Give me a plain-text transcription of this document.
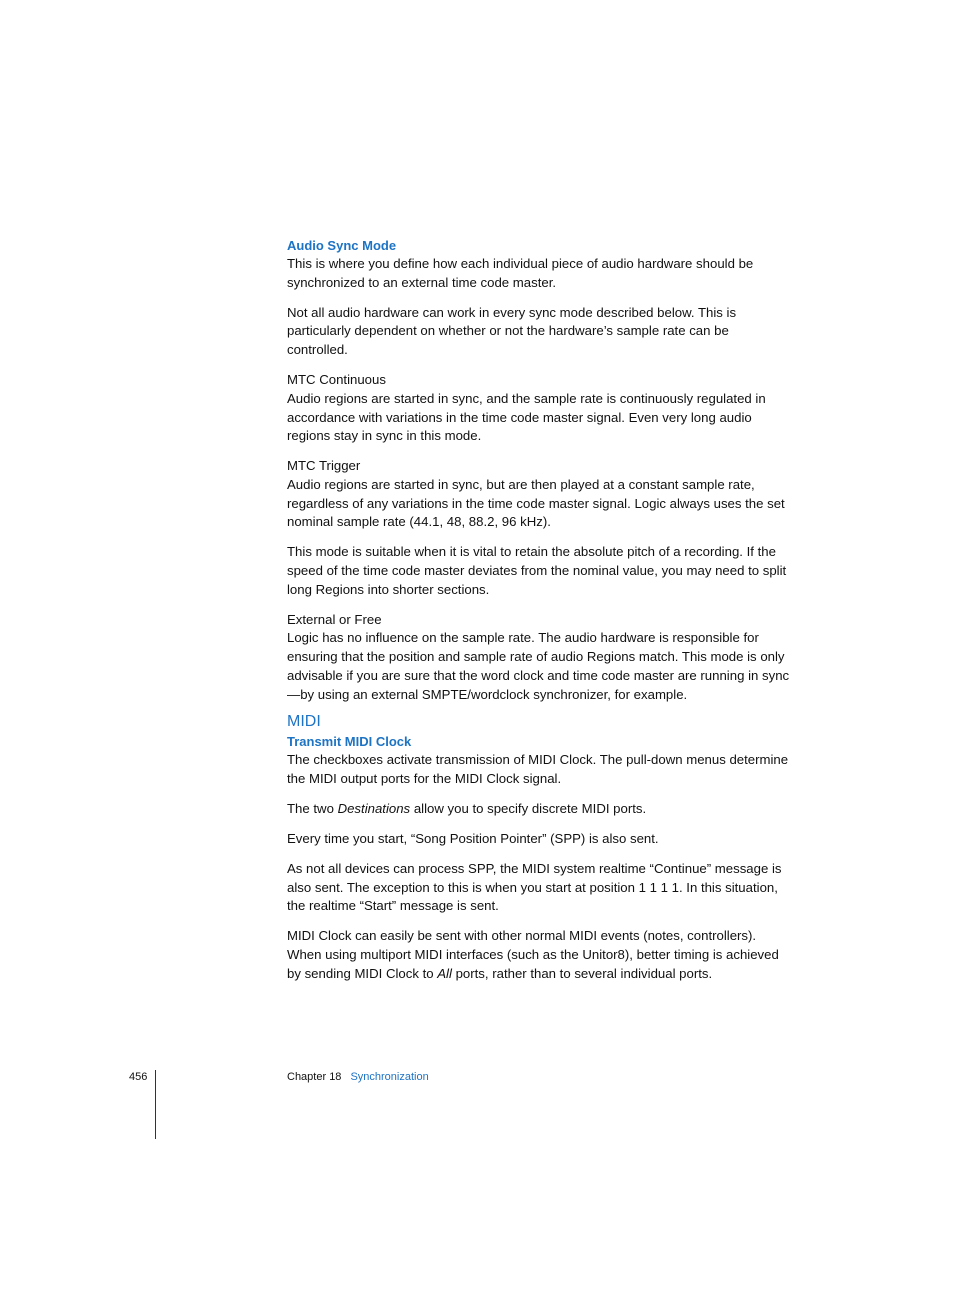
Audio Sync Mode

This is where you define how each individual piece of audio hardware should be synchronized to an external time code master.

Not all audio hardware can work in every sync mode described below. This is particularly dependent on whether or not the hardware’s sample rate can be controlled.

MTC Continuous

Audio regions are started in sync, and the sample rate is continuously regulated in accordance with variations in the time code master signal. Even very long audio regions stay in sync in this mode.

MTC Trigger

Audio regions are started in sync, but are then played at a constant sample rate, regardless of any variations in the time code master signal. Logic always uses the set nominal sample rate (44.1, 48, 88.2, 96 kHz).

This mode is suitable when it is vital to retain the absolute pitch of a recording. If the speed of the time code master deviates from the nominal value, you may need to split long Regions into shorter sections.

External or Free

Logic has no influence on the sample rate. The audio hardware is responsible for ensuring that the position and sample rate of audio Regions match. This mode is only advisable if you are sure that the word clock and time code master are running in sync—by using an external SMPTE/wordclock synchronizer, for example.

MIDI
Transmit MIDI Clock

The checkboxes activate transmission of MIDI Clock. The pull-down menus determine the MIDI output ports for the MIDI Clock signal.

The two Destinations allow you to specify discrete MIDI ports.

Every time you start, “Song Position Pointer” (SPP) is also sent.

As not all devices can process SPP, the MIDI system realtime “Continue” message is also sent. The exception to this is when you start at position 1 1 1 1. In this situation, the realtime “Start” message is sent.

MIDI Clock can easily be sent with other normal MIDI events (notes, controllers). When using multiport MIDI interfaces (such as the Unitor8), better timing is achieved by sending MIDI Clock to All ports, rather than to several individual ports.

456	Chapter 18 Synchronization
